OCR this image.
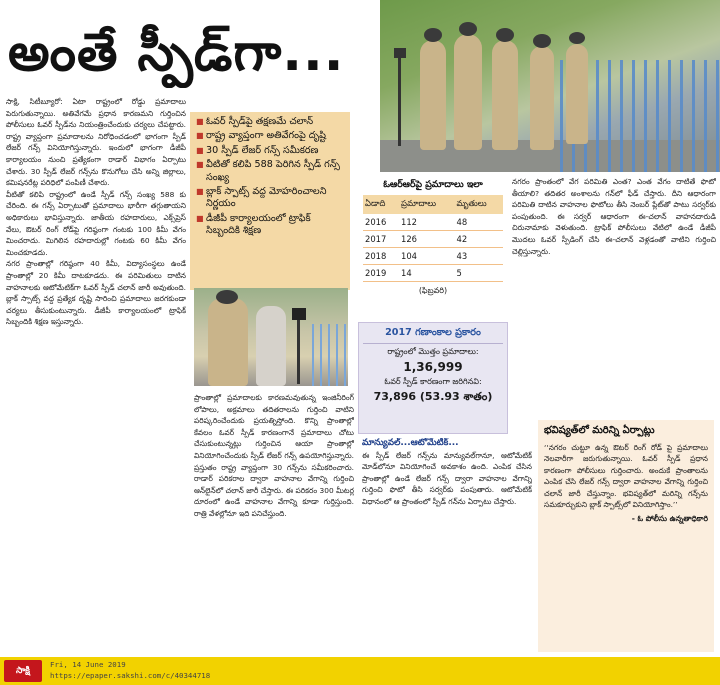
అంతే స్పీడ్‌గా...

సాక్షి, సిటీబ్యూరో: ఏటా రాష్ట్రంలో రోడ్డు ప్రమాదాలు పెరుగుతున్నాయి. అతివేగమే ప్రధాన కారణమని గుర్తించిన పోలీసులు ఓవర్‌ స్పీడ్‌ను నియంత్రించేందుకు చర్యలు చేపట్టారు. రాష్ట్ర వ్యాప్తంగా ప్రమాదాలను నిరోధించడంలో భాగంగా స్పీడ్‌ లేజర్‌ గన్స్‌ వినియోగిస్తున్నారు. ఇందులో భాగంగా డీజీపీ కార్యాలయం నుంచి ప్రత్యేకంగా రాడార్‌ విభాగం ఏర్పాటు చేశారు. 30 స్పీడ్‌ లేజర్‌ గన్స్‌ను కొనుగోలు చేసి అన్ని జిల్లాలు, కమిషనరేట్ల పరిధిలో పంపిణీ చేశారు.

వీటితో కలిపి రాష్ట్రంలో ఉండే స్పీడ్‌ గన్స్‌ సంఖ్య 588 కు చేరింది. ఈ గన్స్‌ ఏర్పాటుతో ప్రమాదాలు భారీగా తగ్గుతాయని అధికారులు భావిస్తున్నారు. జాతీయ రహదారులు, ఎక్స్‌ప్రెస్‌ వేలు, ఔటర్‌ రింగ్‌ రోడ్‌పై గరిష్ఠంగా గంటకు 100 కిమీ వేగం మించరాదు. మిగిలిన రహదారుల్లో గంటకు 60 కిమీ వేగం మించకూడదు.

నగర ప్రాంతాల్లో గరిష్ఠంగా 40 కిమీ, విద్యాసంస్థలు ఉండే ప్రాంతాల్లో 20 కిమీ దాటకూడదు. ఈ పరిమితులు దాటిన వాహనాలకు ఆటోమేటిక్‌గా ఓవర్‌ స్పీడ్‌ చలాన్‌ జారీ అవుతుంది. బ్లాక్‌ స్పాట్స్‌ వద్ద ప్రత్యేక దృష్టి సారించి ప్రమాదాలు జరగకుండా చర్యలు తీసుకుంటున్నారు. డీజీపీ కార్యాలయంలో ట్రాఫిక్‌ సిబ్బందికి శిక్షణ ఇస్తున్నారు.

■ ఓవర్‌ స్పీడ్‌పై తక్షణమే చలాన్‌
■ రాష్ట్ర వ్యాప్తంగా అతివేగంపై దృష్టి
■ 30 స్పీడ్‌ లేజర్‌ గన్స్‌ సమీకరణ
■ వీటితో కలిపి 588 పెరిగిన స్పీడ్‌ గన్స్‌ సంఖ్య
■ బ్లాక్‌ స్పాట్స్‌ వద్ద మోహరించాలని నిర్ణయం
■ డీజీపీ కార్యాలయంలో ట్రాఫిక్‌ సిబ్బందికి శిక్షణ
ఓఆర్‌ఆర్‌పై ప్రమాదాలు ఇలా
ఏడాది	ప్రమాదాలు	మృతులు
2016	112	48
2017	126	42
2018	104	43
2019	14	5
(ఫిబ్రవరి)
2017 గణాంకాల ప్రకారం
రాష్ట్రంలో మొత్తం ప్రమాదాలు:
1,36,999
ఓవర్‌ స్పీడ్‌ కారణంగా జరిగినవి:
73,896 (53.93 శాతం)

ప్రాంతాల్లో ప్రమాదాలకు కారణమవుతున్న ఇంజినీరింగ్‌ లోపాలు, అక్రమాలు తదితరాలను గుర్తించి వాటిని పరిష్కరించేందుకు ప్రయత్నిస్తోంది. కొన్ని ప్రాంతాల్లో కేవలం ఓవర్‌ స్పీడ్‌ కారణంగానే ప్రమాదాలు చోటు చేసుకుంటున్నట్లు గుర్తించిన ఆయా ప్రాంతాల్లో వినియోగించేందుకు స్పీడ్‌ లేజర్‌ గన్స్‌ ఉపయోగిస్తున్నారు. ప్రస్తుతం రాష్ట్ర వ్యాప్తంగా 30 గన్స్‌ను సమీకరించారు. రాడార్‌ పరికరాల ద్వారా వాహనాల వేగాన్ని గుర్తించి ఆన్‌లైన్‌లో చలాన్‌ జారీ చేస్తారు. ఈ పరికరం 300 మీటర్ల దూరంలో ఉండే వాహనాల వేగాన్ని కూడా గుర్తిస్తుంది. రాత్రి వేళల్లోనూ ఇది పనిచేస్తుంది.

మాన్యువల్‌...ఆటోమేటిక్‌...

ఈ స్పీడ్‌ లేజర్‌ గన్స్‌ను మాన్యువల్‌గానూ, ఆటోమేటిక్‌ మోడ్‌లోనూ వినియోగించే అవకాశం ఉంది. ఎంపిక చేసిన ప్రాంతాల్లో ఉండే లేజర్‌ గన్స్‌ ద్వారా వాహనాల వేగాన్ని గుర్తించి ఫొటో తీసి సర్వర్‌కు పంపుతారు. ఆటోమేటిక్‌ విధానంలో ఆ ప్రాంతంలో స్పీడ్‌ గన్‌ను ఏర్పాటు చేస్తారు.

నగరం ప్రాంతంలో వేగ పరిమితి ఎంత? ఎంత వేగం దాటితే ఫొటో తీయాలి? తదితర అంశాలను గన్‌లో ఫీడ్‌ చేస్తారు. దీని ఆధారంగా పరిమితి దాటిన వాహనాల ఫొటోలు తీసి నెంబర్‌ ప్లేట్‌తో పాటు సర్వర్‌కు పంపుతుంది. ఈ సర్వర్‌ ఆధారంగా ఈ-చలాన్‌ వాహనదారుడి చిరునామాకు వెళుతుంది. ట్రాఫిక్‌ పోలీసులు వేటిలో ఉండే డీజీపీ మొదలు ఓవర్‌ స్పీడింగ్‌ చేసి ఈ-చలాన్‌ వెళ్లడంతో వాటిని గుర్తించి చెల్లిస్తున్నారు.

భవిష్యత్‌లో మరిన్ని ఏర్పాట్లు
‘‘నగరం చుట్టూ ఉన్న ఔటర్‌ రింగ్‌ రోడ్‌ పై ప్రమాదాలు నెలవారీగా జరుగుతున్నాయి. ఓవర్‌ స్పీడ్‌ ప్రధాన కారణంగా పోలీసులు గుర్తించారు. అందుకే ప్రాంతాలను ఎంపిక చేసి లేజర్‌ గన్స్‌ ద్వారా వాహనాల వేగాన్ని గుర్తించి చలాన్‌ జారీ చేస్తున్నాం. భవిష్యత్‌లో మరిన్ని గన్స్‌ను సమకూర్చుకుని బ్లాక్‌ స్పాట్స్‌లో వినియోగిస్తాం.’’
- ఓ పోలీసు ఉన్నతాధికారి
సాక్షి
Fri, 14 June 2019
https://epaper.sakshi.com/c/40344718
